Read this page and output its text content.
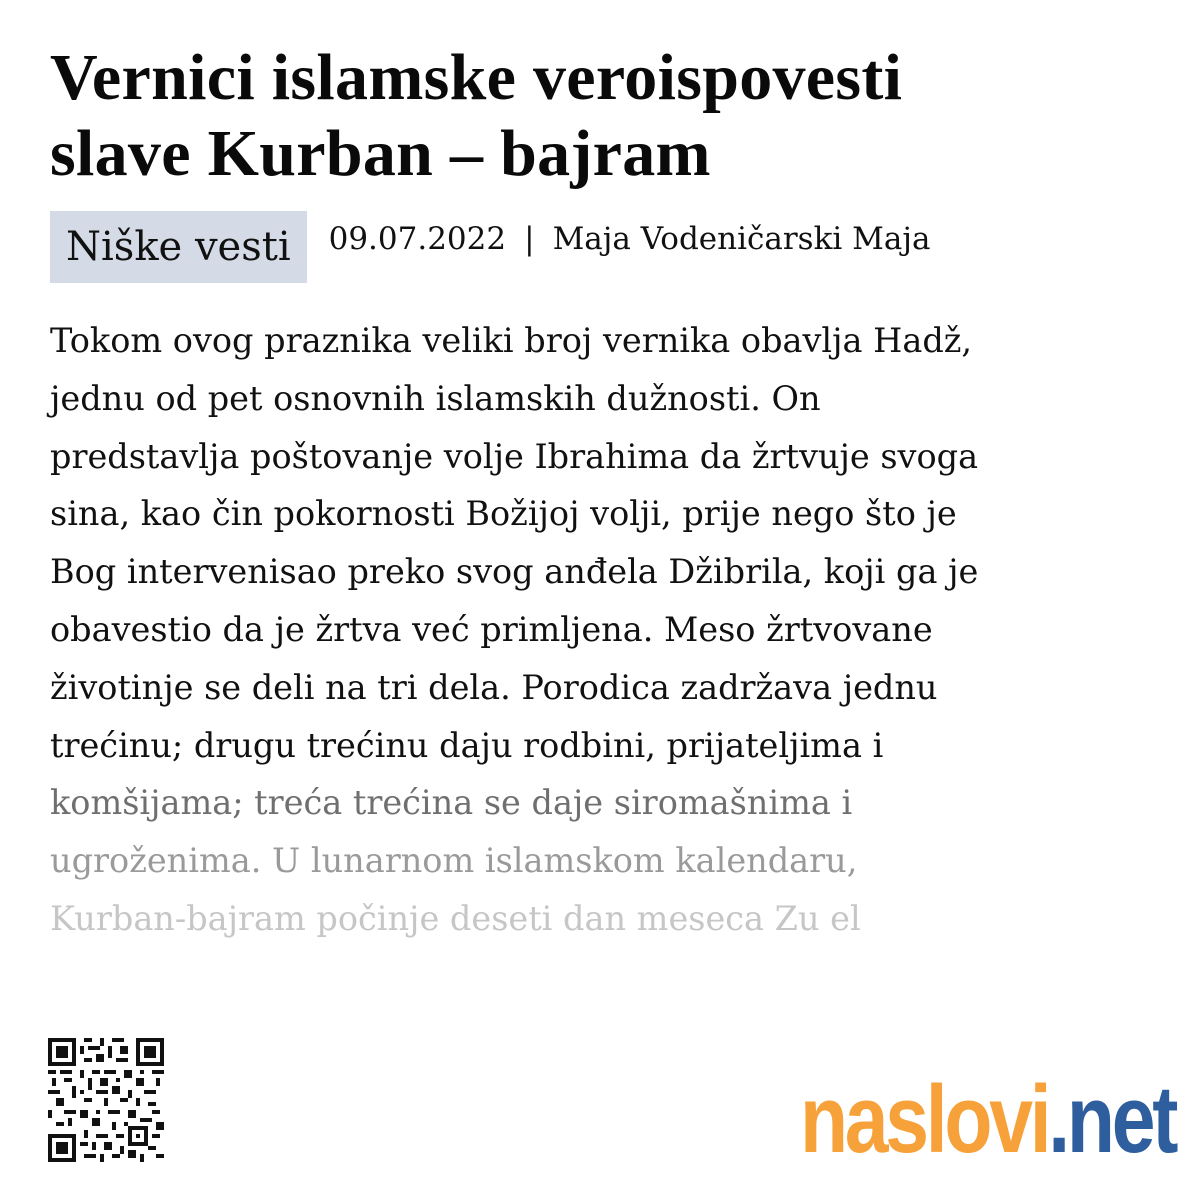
Vernici islamske veroispovesti
slave Kurban – bajram
Niške vesti	09.07.2022 | Maja Vodeničarski Maja

Tokom ovog praznika veliki broj vernika obavlja Hadž,
jednu od pet osnovnih islamskih dužnosti. On
predstavlja poštovanje volje Ibrahima da žrtvuje svoga
sina, kao čin pokornosti Božijoj volji, prije nego što je
Bog intervenisao preko svog anđela Džibrila, koji ga je
obavestio da je žrtva već primljena. Meso žrtvovane
životinje se deli na tri dela. Porodica zadržava jednu
trećinu; drugu trećinu daju rodbini, prijateljima i
komšijama; treća trećina se daje siromašnima i
ugroženima. U lunarnom islamskom kalendaru,
Kurban-bajram počinje deseti dan meseca Zu el

naslovi.net
